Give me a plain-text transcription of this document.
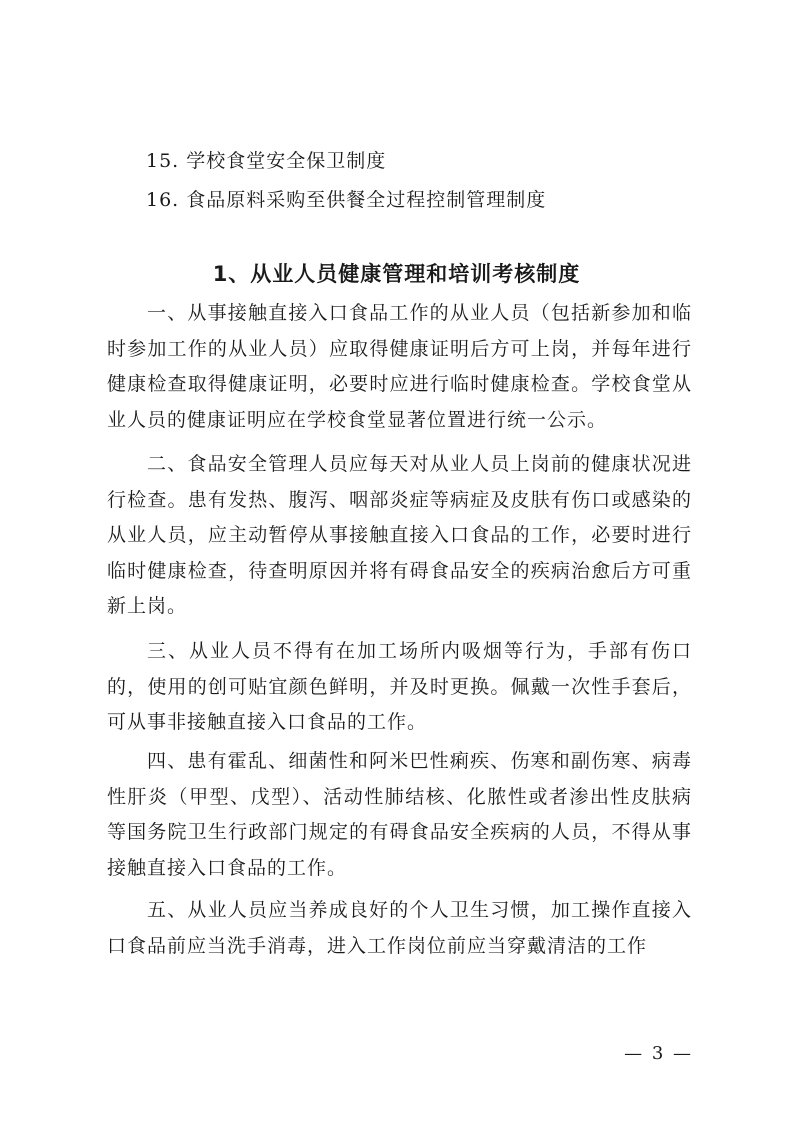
15. 学校食堂安全保卫制度
16. 食品原料采购至供餐全过程控制管理制度
1、从业人员健康管理和培训考核制度

一、从事接触直接入口食品工作的从业人员（包括新参加和临时参加工作的从业人员）应取得健康证明后方可上岗，并每年进行健康检查取得健康证明，必要时应进行临时健康检查。学校食堂从业人员的健康证明应在学校食堂显著位置进行统一公示。

二、食品安全管理人员应每天对从业人员上岗前的健康状况进行检查。患有发热、腹泻、咽部炎症等病症及皮肤有伤口或感染的从业人员，应主动暂停从事接触直接入口食品的工作，必要时进行临时健康检查，待查明原因并将有碍食品安全的疾病治愈后方可重新上岗。

三、从业人员不得有在加工场所内吸烟等行为，手部有伤口的，使用的创可贴宜颜色鲜明，并及时更换。佩戴一次性手套后，可从事非接触直接入口食品的工作。

四、患有霍乱、细菌性和阿米巴性痢疾、伤寒和副伤寒、病毒性肝炎（甲型、戊型）、活动性肺结核、化脓性或者渗出性皮肤病等国务院卫生行政部门规定的有碍食品安全疾病的人员，不得从事接触直接入口食品的工作。

五、从业人员应当养成良好的个人卫生习惯，加工操作直接入口食品前应当洗手消毒，进入工作岗位前应当穿戴清洁的工作

— 3 —
